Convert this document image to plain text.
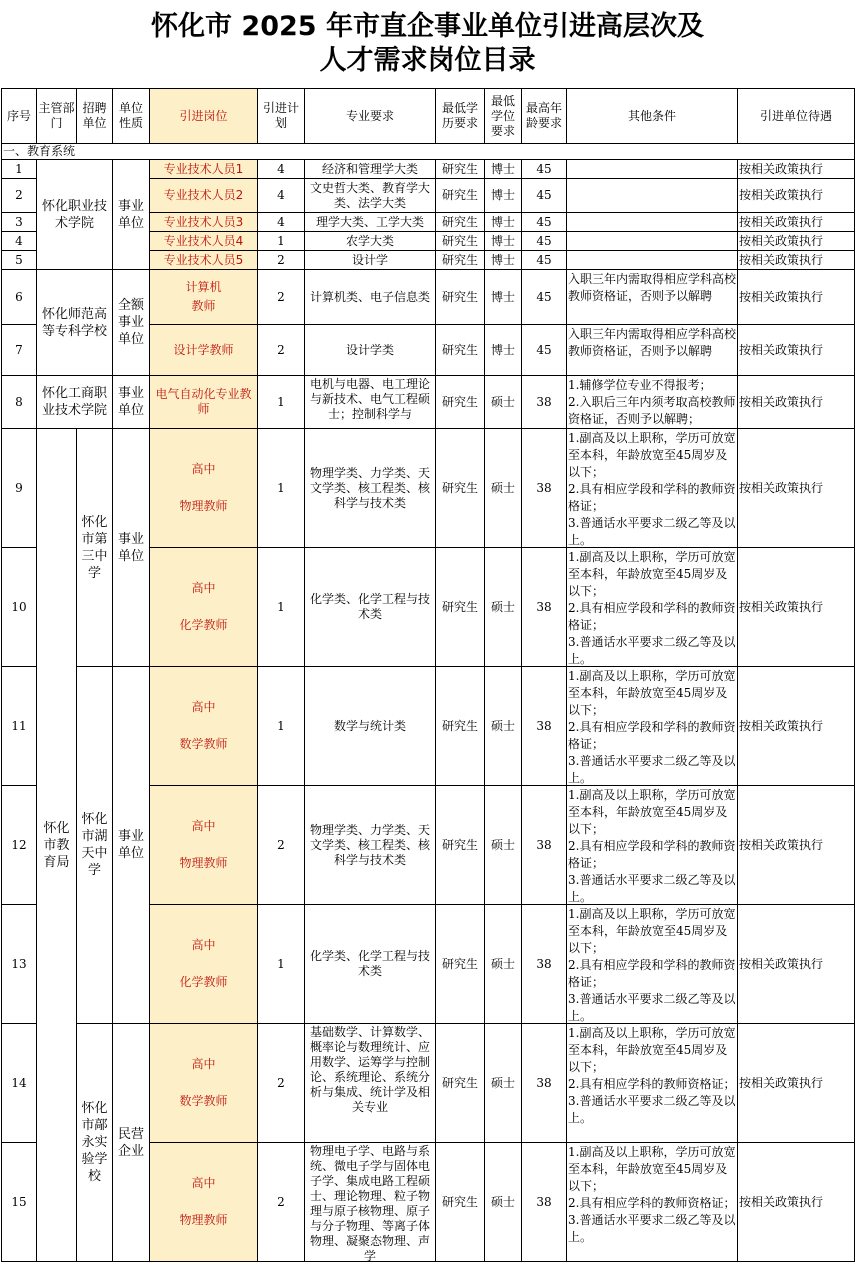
怀化市 2025 年市直企事业单位引进高层次及
人才需求岗位目录
序号	主管部门	招聘单位	单位性质	引进岗位	引进计划	专业要求	最低学历要求	最低学位要求	最高年龄要求	其他条件	引进单位待遇
一、教育系统											
1	怀化职业技术学院		事业单位	专业技术人员1	4	经济和管理学大类	研究生	博士	45		按相关政策执行
2				专业技术人员2	4	文史哲大类、教育学大类、法学大类	研究生	博士	45		按相关政策执行
3				专业技术人员3	4	理学大类、工学大类	研究生	博士	45		按相关政策执行
4				专业技术人员4	1	农学大类	研究生	博士	45		按相关政策执行
5				专业技术人员5	2	设计学	研究生	博士	45		按相关政策执行
6	怀化师范高等专科学校		全额事业单位	计算机
教师	2	计算机类、电子信息类	研究生	博士	45	入职三年内需取得相应学科高校教师资格证，否则予以解聘	按相关政策执行
7				设计学教师	2	设计学类	研究生	博士	45	入职三年内需取得相应学科高校教师资格证，否则予以解聘	按相关政策执行
8	怀化工商职业技术学院		事业单位	电气自动化专业教师	1	电机与电器、电工理论与新技术、电气工程硕士；控制科学与	研究生	硕士	38	1.辅修学位专业不得报考；
2.入职后三年内须考取高校教师资格证，否则予以解聘；	按相关政策执行
9	怀化市教育局	怀化市第三中学	事业单位	高中
物理教师	1	物理学类、力学类、天文学类、核工程类、核科学与技术类	研究生	硕士	38	1.副高及以上职称，学历可放宽至本科，年龄放宽至45周岁及以下；
2.具有相应学段和学科的教师资格证；
3.普通话水平要求二级乙等及以上。	按相关政策执行
10				高中
化学教师	1	化学类、化学工程与技术类	研究生	硕士	38	1.副高及以上职称，学历可放宽至本科，年龄放宽至45周岁及以下；
2.具有相应学段和学科的教师资格证；
3.普通话水平要求二级乙等及以上。	按相关政策执行
11		怀化市湖天中学	事业单位	高中
数学教师	1	数学与统计类	研究生	硕士	38	1.副高及以上职称，学历可放宽至本科，年龄放宽至45周岁及以下；
2.具有相应学段和学科的教师资格证；
3.普通话水平要求二级乙等及以上。	按相关政策执行
12				高中
物理教师	2	物理学类、力学类、天文学类、核工程类、核科学与技术类	研究生	硕士	38	1.副高及以上职称，学历可放宽至本科，年龄放宽至45周岁及以下；
2.具有相应学段和学科的教师资格证；
3.普通话水平要求二级乙等及以上。	按相关政策执行
13				高中
化学教师	1	化学类、化学工程与技术类	研究生	硕士	38	1.副高及以上职称，学历可放宽至本科，年龄放宽至45周岁及以下；
2.具有相应学段和学科的教师资格证；
3.普通话水平要求二级乙等及以上。	按相关政策执行
14		怀化市鄗永实验学校	民营企业	高中
数学教师	2	基础数学、计算数学、概率论与数理统计、应用数学、运筹学与控制论、系统理论、系统分析与集成、统计学及相关专业	研究生	硕士	38	1.副高及以上职称，学历可放宽至本科，年龄放宽至45周岁及以下；
2.具有相应学科的教师资格证；
3.普通话水平要求二级乙等及以上。	按相关政策执行
15				高中
物理教师	2	物理电子学、电路与系统、微电子学与固体电子学、集成电路工程硕士、理论物理、粒子物理与原子核物理、原子与分子物理、等离子体物理、凝聚态物理、声学	研究生	硕士	38	1.副高及以上职称，学历可放宽至本科，年龄放宽至45周岁及以下；
2.具有相应学科的教师资格证；
3.普通话水平要求二级乙等及以上。	按相关政策执行
